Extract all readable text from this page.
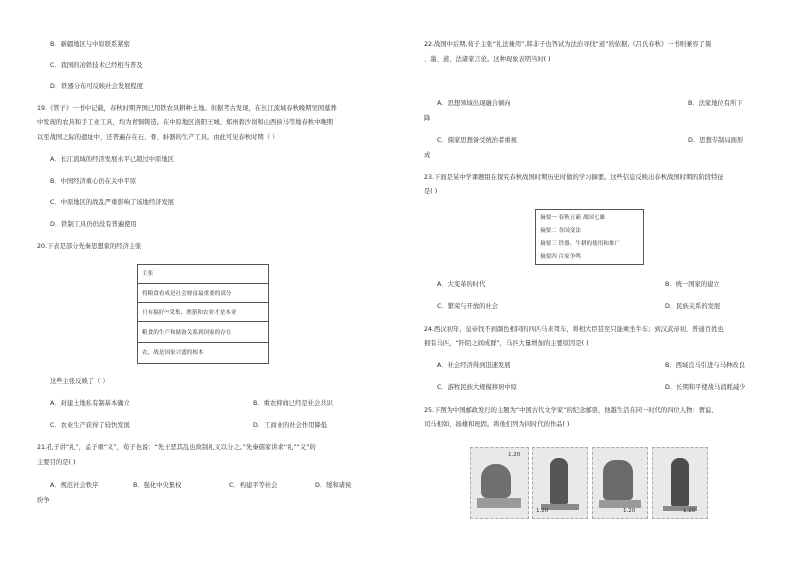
B．新疆地区与中原联系紧密
C．我国的冶铁技术已经相当普及
D．铁器分布可反映社会发展程度
19.《管子》一书中记载，春秋时期齐国已用铁农具耕种土地。但据考古发现，在长江流域春秋晚期吴国墓葬
中发现的农具和手工业工具，均为青铜铸造。在中原地区洛阳王城、郑州碧沙岗和山西侯马等地春秋中晚期
以至战国之际的遗址中，还普遍存在石、骨、蚌器的生产工具。由此可见春秋时期（ ）
A．长江流域的经济发展水平已超过中原地区
B．中国经济重心仍在关中平原
C．中原地区的战乱严重影响了该地经济发展
D．铁制工具仍仍没有普遍使用
20.下表是部分先秦思想家的经济主张
主张
将粮食看成是社会财富最重要的部分
只有搞好⁽¹⁾采集、渔猎和农业才是本业
粮食的生产和储备关系到国家的存在
农，战是国家兴盛的根本
这些主张反映了（ ）
A．封建土地私有制基本确立	B．重农抑商已经是社会共识
C．农业生产获得了较快发展	D．工商业的社会作用降低
21.孔子讲“礼”，孟子重“义”，荀子也说：“先王恶其乱也故制礼义以分之。”先秦儒家讲求“礼”“义”的
主要目的是( )
A．规范社会秩序	B．强化中央集权	C．构建平等社会	D．缓和诸侯
纷争
22.战国中后期,荀子主张“礼法兼用”,韩非子也答试为法治寻找“道”的依据,《吕氏春秋》一书则兼容了儒
、墨、道、法诸家言论。这种现象表明当时( )
A．思想领域出现融合倾向	B．法家地位有所下
降
C．儒家思想备受统治者重视	D．思想专制局面形
成
23.下面是某中学课题组在探究春秋战国时期历史时做的学习摘要。这些信息反映出春秋战国时期的阶段特征
是( )
摘要一 春秋五霸 战国七雄
摘要二 各国变法
摘要三 铁器、牛耕的使用和推广
摘要四 百家争鸣
A．大变革的时代	B．统一国家的建立
C．繁荣与开放的社会	D．民族关系的发展
24.西汉初年，皇帝找不到颜色相同的四匹马来驾车，将相大臣甚至只能乘坐牛车；到汉武帝初，普通百姓也
拥有马匹，“阡陌之间成群”，马匹大量增加的主要原因是( )
A．社会经济得到迅速发展	B．西域良马引进与马种改良
C．游牧民族大规模移居中原	D．长期和平使战马消耗减少
25.下图为中国邮政发行的主题为“中国古代文学家”的纪念邮票，他越生活在同一时代的四位人物：贾谊、
司马相如、扬雄和班固。将他们列为同时代的作品( )
1.20
1.20	1.20	1.20
